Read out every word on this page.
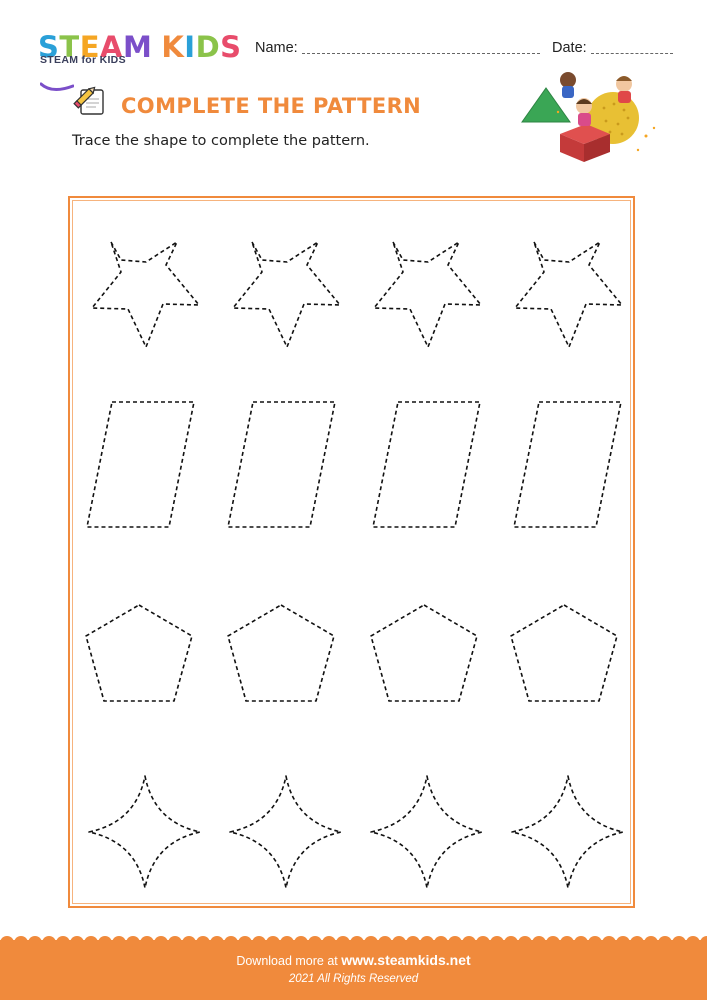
STEAM KIDS
STEAM for KIDS
Name:	Date:
COMPLETE THE PATTERN
Trace the shape to complete the pattern.
Download more at www.steamkids.net
2021 All Rights Reserved
